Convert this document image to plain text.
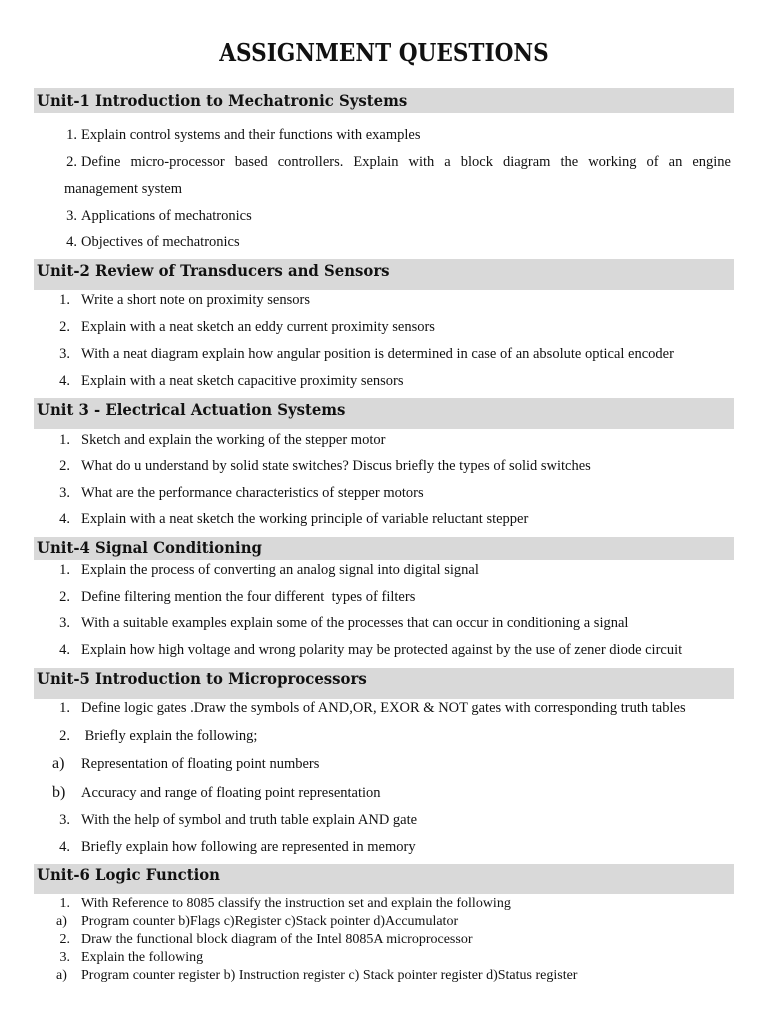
ASSIGNMENT QUESTIONS
Unit-1 Introduction to Mechatronic Systems
1. Explain control systems and their functions with examples
2. Define micro-processor based controllers. Explain with a block diagram the working of an engine
management system
3. Applications of mechatronics
4. Objectives of mechatronics
Unit-2 Review of Transducers and Sensors
1. Write a short note on proximity sensors
2. Explain with a neat sketch an eddy current proximity sensors
3. With a neat diagram explain how angular position is determined in case of an absolute optical encoder
4. Explain with a neat sketch capacitive proximity sensors
Unit 3 - Electrical Actuation Systems
1. Sketch and explain the working of the stepper motor
2. What do u understand by solid state switches? Discus briefly the types of solid switches
3. What are the performance characteristics of stepper motors
4. Explain with a neat sketch the working principle of variable reluctant stepper
Unit-4 Signal Conditioning
1. Explain the process of converting an analog signal into digital signal
2. Define filtering mention the four different  types of filters
3. With a suitable examples explain some of the processes that can occur in conditioning a signal
4. Explain how high voltage and wrong polarity may be protected against by the use of zener diode circuit
Unit-5 Introduction to Microprocessors
1. Define logic gates .Draw the symbols of AND,OR, EXOR & NOT gates with corresponding truth tables
2. Briefly explain the following;
a)	Representation of floating point numbers
b)	Accuracy and range of floating point representation
3. With the help of symbol and truth table explain AND gate
4. Briefly explain how following are represented in memory
Unit-6 Logic Function
1. With Reference to 8085 classify the instruction set and explain the following
a)	Program counter b)Flags c)Register c)Stack pointer d)Accumulator
2. Draw the functional block diagram of the Intel 8085A microprocessor
3. Explain the following
a)	Program counter register b) Instruction register c) Stack pointer register d)Status register
